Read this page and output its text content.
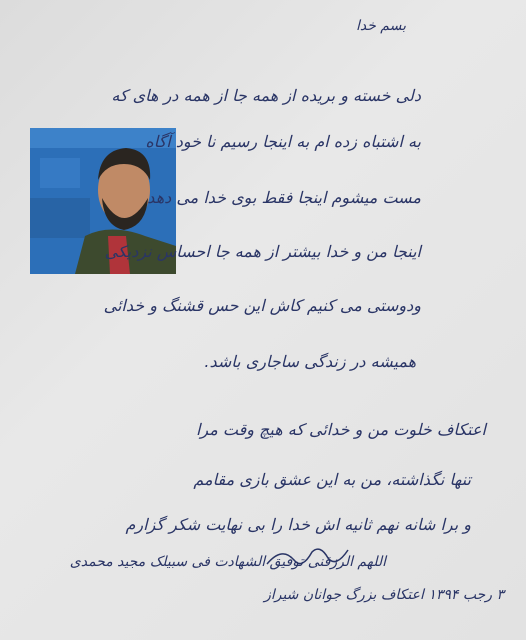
بسم خدا
دلی خسته و بریده از همه جا از همه در های که
به اشتباه زده ام به اینجا رسیم نا خود آگاه
مست میشوم اینجا فقط بوی خدا می دهد
اینجا من و خدا بیشتر از همه جا احساس نزدیکی
ودوستی می کنیم کاش این حس قشنگ و خدائی
همیشه در زندگی ساجاری باشد.
اعتکاف خلوت من و خدائی که هیچ وقت مرا
تنها نگذاشته، من به این عشق بازی مقامم
و برا شانه نهم ثانیه اش خدا را بی نهایت شکر گزارم
اللهم الرزقنی توفیق الشهادت فی سبیلک مجید محمدی
۳ رجب ۱۳۹۴ اعتکاف بزرگ جوانان شیراز
